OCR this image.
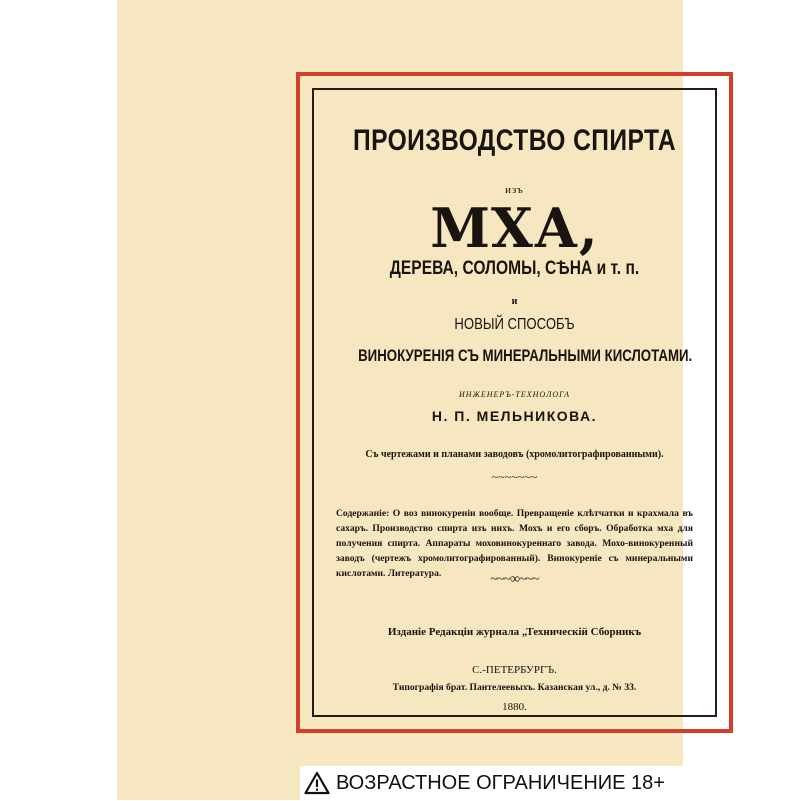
ПРОИЗВОДСТВО СПИРТА
изъ
МХА,
ДЕРЕВА, СОЛОМЫ, СѢНА и т. п.
и
НОВЫЙ СПОСОБЪ
ВИНОКУРЕНІЯ СЪ МИНЕРАЛЬНЫМИ КИСЛОТАМИ.
ИНЖЕНЕРЪ-ТЕХНОЛОГА
Н. П. МЕЛЬНИКОВА.
Съ чертежами и планами заводовъ (хромолитографированными).
~~~~~~~
Содержаніе: О воз винокуреніи вообще. Превращеніе клѣтчатки и крахмала въ сахаръ. Производство спирта изъ нихъ. Мохъ и его сборъ. Обработка мха для получения спирта. Аппараты моховинокуреннаго завода. Мохо-винокуренный заводъ (чертежъ хромолитографированный). Винокуреніе съ минеральными кислотами. Литература.	~~~∞~~~
Изданіе Редакціи журнала „Техническій Сборникъ
С.-ПЕТЕРБУРГЪ.
Типографія брат. Пантелеевыхъ. Казанская ул., д. № 33.
1880.
ВОЗРАСТНОЕ ОГРАНИЧЕНИЕ 18+
